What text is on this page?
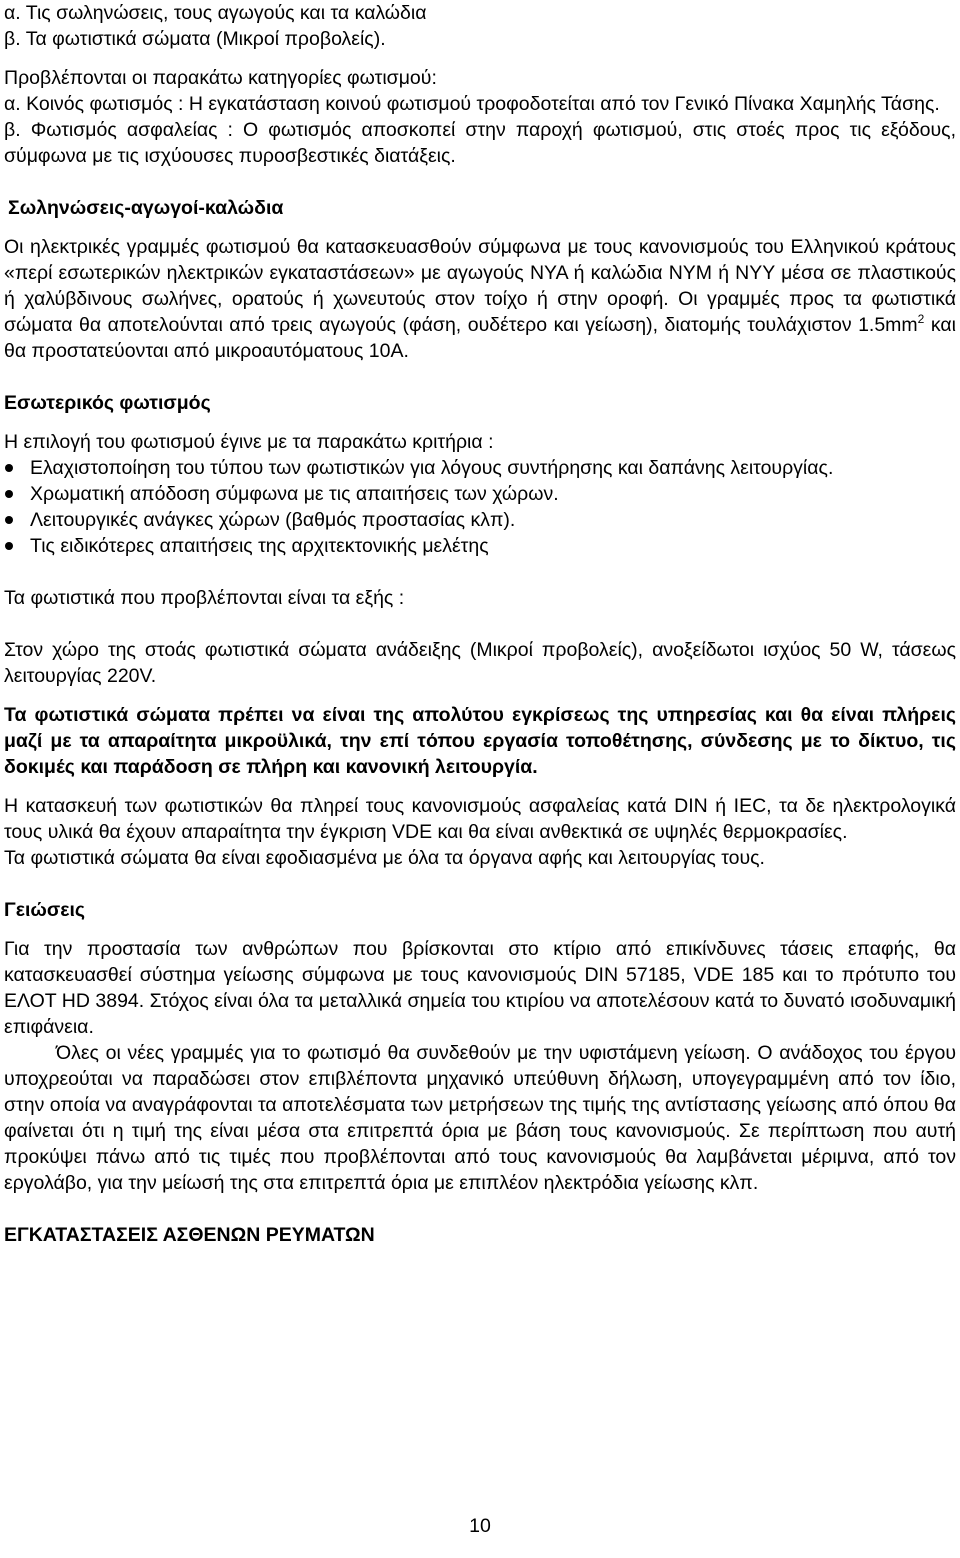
α. Τις σωληνώσεις, τους αγωγούς και τα καλώδια

β. Τα φωτιστικά σώματα (Μικροί προβολείς).

Προβλέπονται οι παρακάτω κατηγορίες φωτισμού:

α. Κοινός φωτισμός : Η εγκατάσταση κοινού φωτισμού τροφοδοτείται από τον Γενικό Πίνακα Χαμηλής Τάσης.

β. Φωτισμός ασφαλείας : Ο φωτισμός αποσκοπεί στην παροχή φωτισμού, στις στοές προς τις εξόδους, σύμφωνα με τις ισχύουσες πυροσβεστικές διατάξεις.

Σωληνώσεις-αγωγοί-καλώδια

Οι ηλεκτρικές γραμμές φωτισμού θα κατασκευασθούν σύμφωνα με τους κανονισμούς του Ελληνικού κράτους «περί εσωτερικών ηλεκτρικών εγκαταστάσεων» με αγωγούς ΝΥΑ ή καλώδια ΝΥΜ ή ΝΥΥ μέσα σε πλαστικούς ή χαλύβδινους σωλήνες, ορατούς ή χωνευτούς στον τοίχο ή στην οροφή. Οι γραμμές προς τα φωτιστικά σώματα θα αποτελούνται από τρεις αγωγούς (φάση, ουδέτερο και γείωση), διατομής τουλάχιστον $1.5mm^2$ και θα προστατεύονται από μικροαυτόματους 10Α.

Εσωτερικός φωτισμός

Η επιλογή του φωτισμού έγινε με τα παρακάτω κριτήρια :

Ελαχιστοποίηση του τύπου των φωτιστικών για λόγους συντήρησης και δαπάνης λειτουργίας.
Χρωματική απόδοση σύμφωνα με τις απαιτήσεις των χώρων.
Λειτουργικές ανάγκες χώρων (βαθμός προστασίας κλπ).
Τις ειδικότερες απαιτήσεις της αρχιτεκτονικής μελέτης

Τα φωτιστικά που προβλέπονται είναι τα εξής :

Στον χώρο της στοάς φωτιστικά σώματα ανάδειξης (Μικροί προβολείς), ανοξείδωτοι ισχύος 50 W, τάσεως λειτουργίας 220V.

Τα φωτιστικά σώματα πρέπει να είναι της απολύτου εγκρίσεως της υπηρεσίας και θα είναι πλήρεις μαζί με τα απαραίτητα μικροϋλικά, την επί τόπου εργασία τοποθέτησης, σύνδεσης με το δίκτυο, τις δοκιμές και παράδοση σε πλήρη και κανονική λειτουργία.

Η κατασκευή των φωτιστικών θα πληρεί τους κανονισμούς ασφαλείας κατά DIN ή IEC, τα δε ηλεκτρολογικά τους υλικά θα έχουν απαραίτητα την έγκριση VDE και θα είναι ανθεκτικά σε υψηλές θερμοκρασίες.

Τα φωτιστικά σώματα θα είναι εφοδιασμένα με όλα τα όργανα αφής και λειτουργίας τους.

Γειώσεις

Για την προστασία των ανθρώπων που βρίσκονται στο κτίριο από επικίνδυνες τάσεις επαφής, θα κατασκευασθεί σύστημα γείωσης σύμφωνα με τους κανονισμούς DIN 57185, VDE 185 και το πρότυπο του ΕΛΟΤ HD 3894. Στόχος είναι όλα τα μεταλλικά σημεία του κτιρίου να αποτελέσουν κατά το δυνατό ισοδυναμική επιφάνεια.

Όλες οι νέες γραμμές για το φωτισμό θα συνδεθούν με την υφιστάμενη γείωση. Ο ανάδοχος του έργου υποχρεούται να παραδώσει στον επιβλέποντα μηχανικό υπεύθυνη δήλωση, υπογεγραμμένη από τον ίδιο, στην οποία να αναγράφονται τα αποτελέσματα των μετρήσεων της τιμής της αντίστασης γείωσης από όπου θα φαίνεται ότι η τιμή της είναι μέσα στα επιτρεπτά όρια με βάση τους κανονισμούς. Σε περίπτωση που αυτή προκύψει πάνω από τις τιμές που προβλέπονται από τους κανονισμούς θα λαμβάνεται μέριμνα, από τον εργολάβο, για την μείωσή της στα επιτρεπτά όρια με επιπλέον ηλεκτρόδια γείωσης κλπ.

ΕΓΚΑΤΑΣΤΑΣΕΙΣ ΑΣΘΕΝΩΝ ΡΕΥΜΑΤΩΝ

10
